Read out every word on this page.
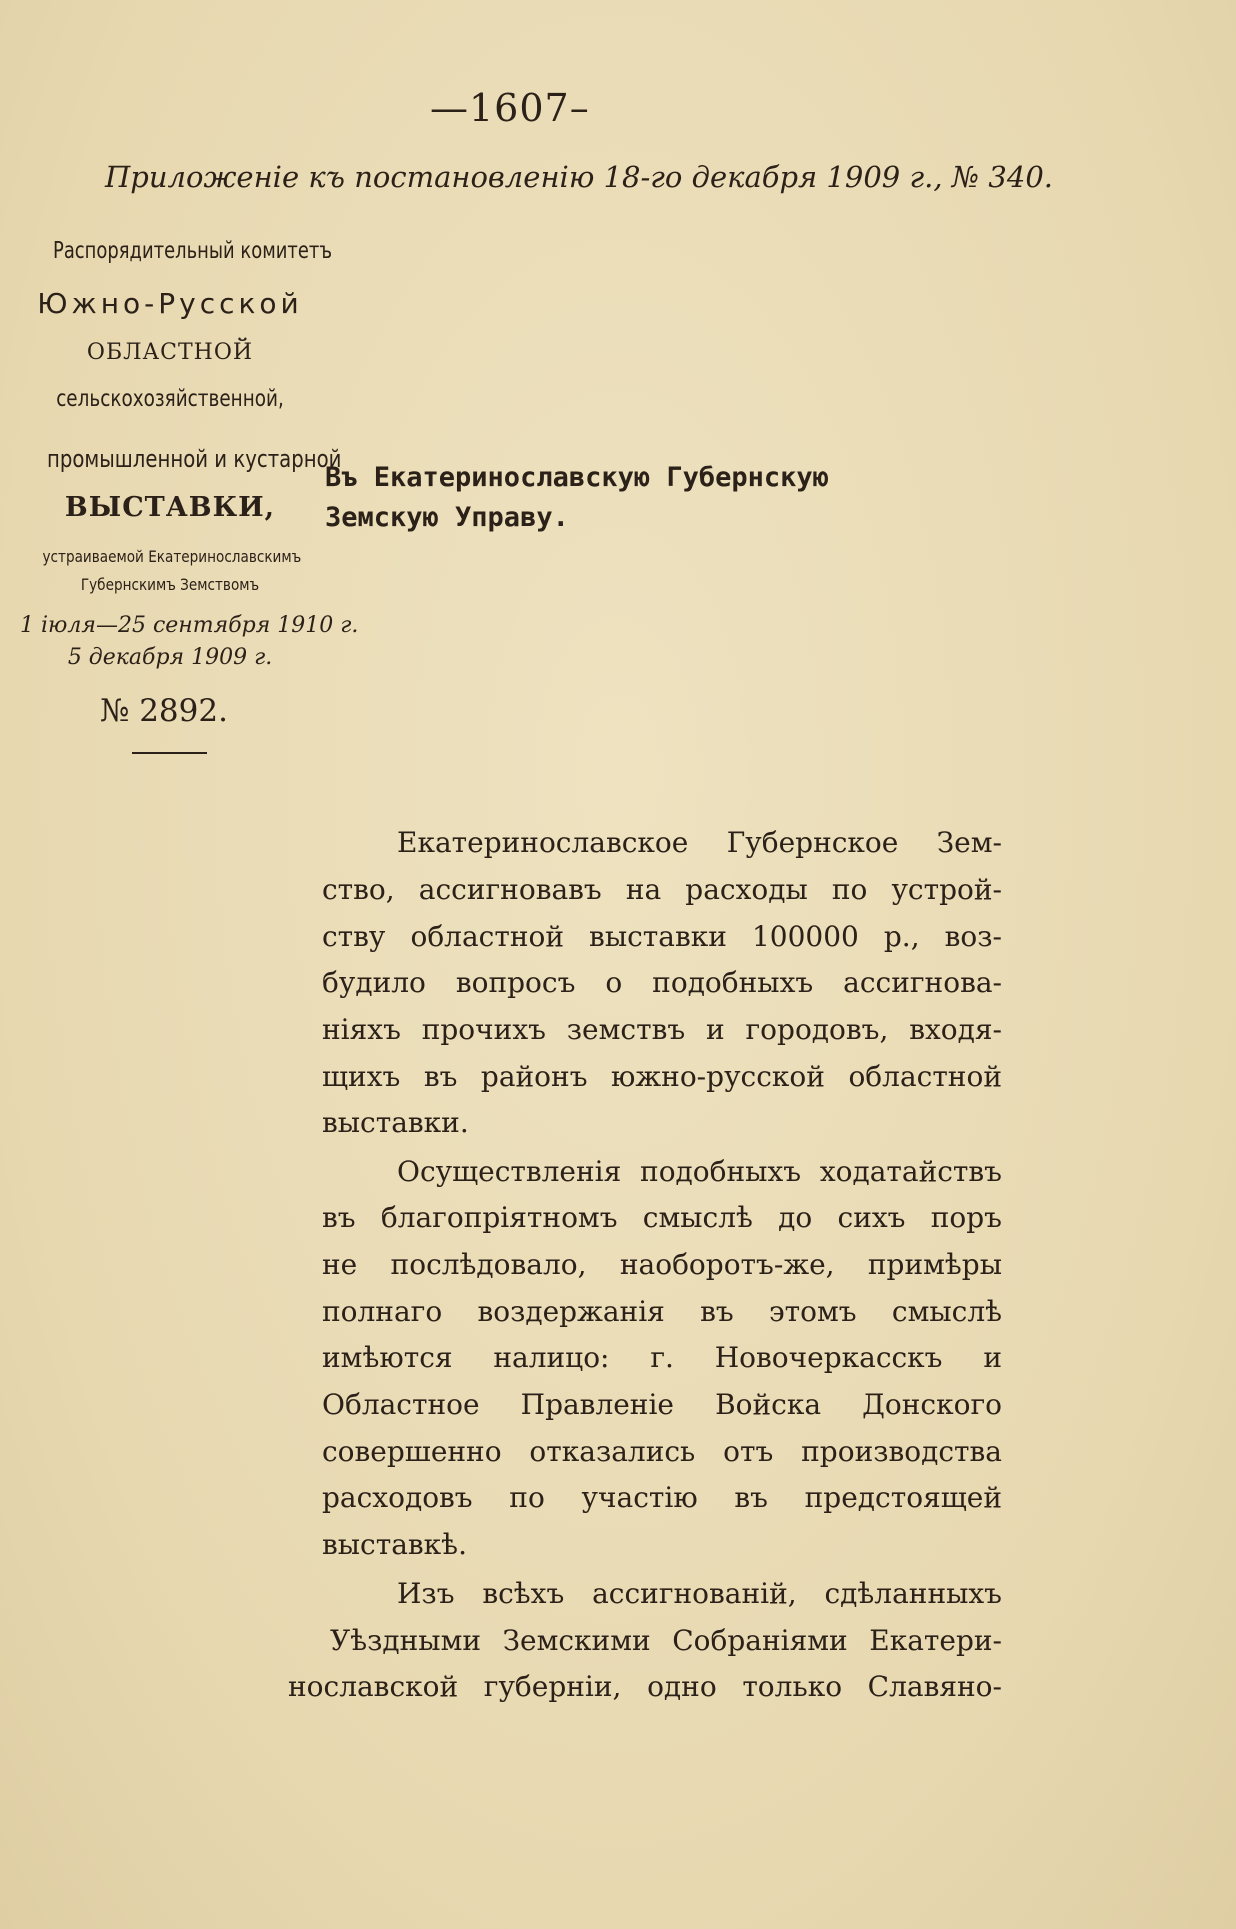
—1607–
Приложеніе къ постановленію 18-го декабря 1909 г., № 340.
Распорядительный комитетъ
Южно-Русской
ОБЛАСТНОЙ
сельскохозяйственной,
промышленной и кустарной
ВЫСТАВКИ,
устраиваемой Екатеринославскимъ
Губернскимъ Земствомъ
1 іюля—25 сентября 1910 г.
5 декабря 1909 г.
№ 2892.
Въ Екатеринославскую Губернскую
Земскую Управу.
Екатеринославское Губернское Зем-
ство, ассигновавъ на расходы по устрой-
ству областной выставки 100000 р., воз-
будило вопросъ о подобныхъ ассигнова-
ніяхъ прочихъ земствъ и городовъ, входя-
щихъ въ районъ южно-русской областной
выставки.
Осуществленія подобныхъ ходатайствъ
въ благопріятномъ смыслѣ до сихъ поръ
не послѣдовало, наоборотъ-же, примѣры
полнаго воздержанія въ этомъ смыслѣ
имѣются налицо: г. Новочеркасскъ и
Областное Правленіе Войска Донского
совершенно отказались отъ производства
расходовъ по участію въ предстоящей
выставкѣ.
Изъ всѣхъ ассигнованій, сдѣланныхъ
Уѣздными Земскими Собраніями Екатери-
нославской губерніи, одно только Славяно-
